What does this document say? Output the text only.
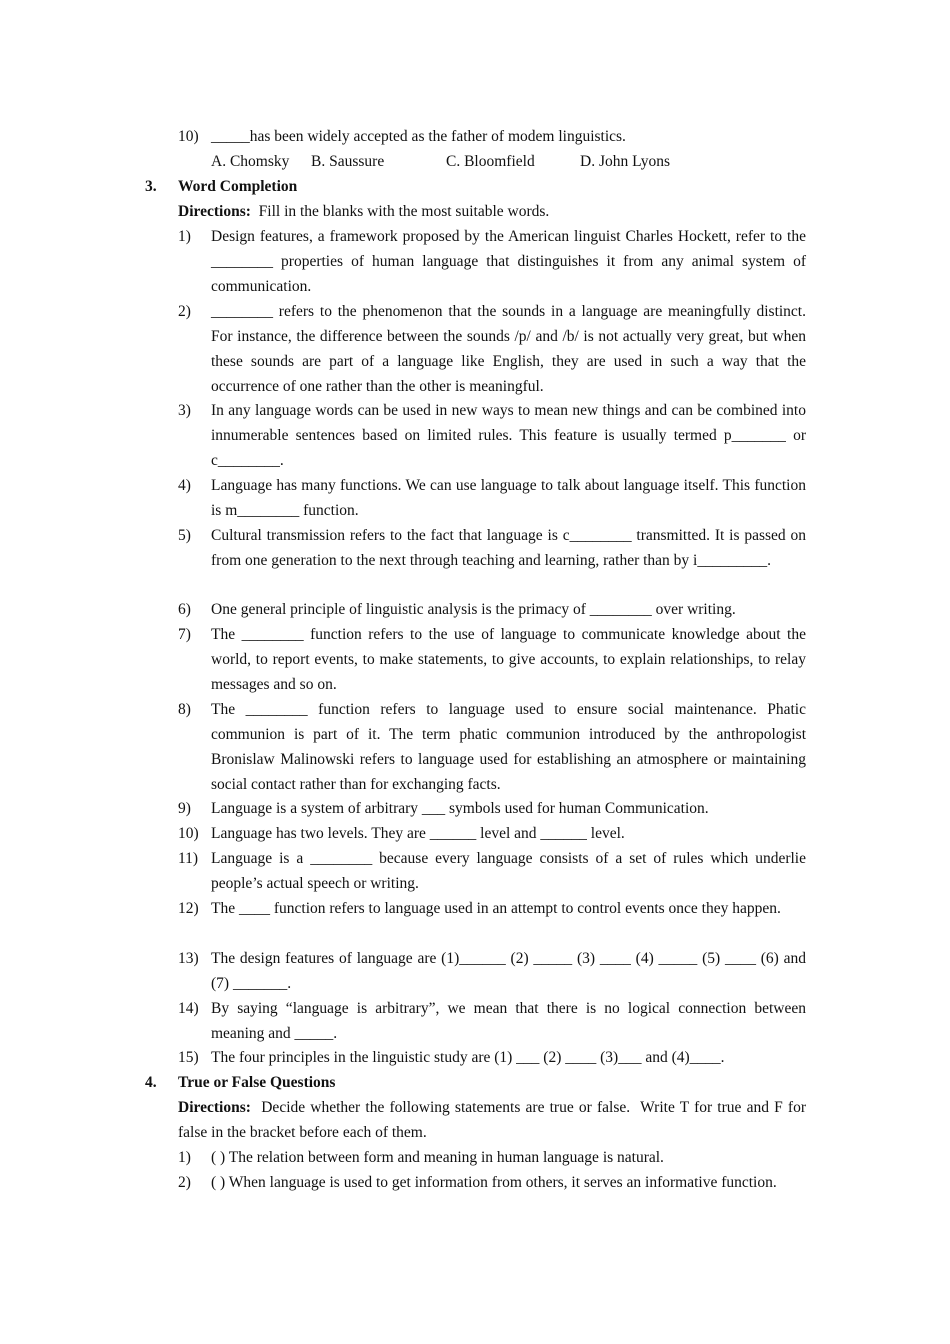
10) _____has been widely accepted as the father of modem linguistics.
A. Chomsky B. Saussure	C. Bloomfield	D. John Lyons
3. Word Completion
Directions:  Fill in the blanks with the most suitable words.
1) Design features, a framework proposed by the American linguist Charles Hockett, refer to the ________ properties of human language that distinguishes it from any animal system of communication.
2) ________ refers to the phenomenon that the sounds in a language are meaningfully distinct. For instance, the difference between the sounds /p/ and /b/ is not actually very great, but when these sounds are part of a language like English, they are used in such a way that the occurrence of one rather than the other is meaningful.
3) In any language words can be used in new ways to mean new things and can be combined into innumerable sentences based on limited rules. This feature is usually termed p_______ or c________.
4) Language has many functions. We can use language to talk about language itself. This function is m________ function.
5) Cultural transmission refers to the fact that language is c________ transmitted. It is passed on from one generation to the next through teaching and learning, rather than by i_________.
6) One general principle of linguistic analysis is the primacy of ________ over writing.
7) The ________ function refers to the use of language to communicate knowledge about the world, to report events, to make statements, to give accounts, to explain relationships, to relay messages and so on.
8) The ________ function refers to language used to ensure social maintenance. Phatic communion is part of it. The term phatic communion introduced by the anthropologist Bronislaw Malinowski refers to language used for establishing an atmosphere or maintaining social contact rather than for exchanging facts.
9) Language is a system of arbitrary ___ symbols used for human Communication.
10) Language has two levels. They are ______ level and ______ level.
11) Language is a ________ because every language consists of a set of rules which underlie people’s actual speech or writing.
12) The ____ function refers to language used in an attempt to control events once they happen.
13) The design features of language are (1)______ (2) _____ (3) ____ (4) _____ (5) ____ (6) and (7) _______.
14) By saying “language is arbitrary”, we mean that there is no logical connection between meaning and _____.
15) The four principles in the linguistic study are (1) ___ (2) ____ (3)___ and (4)____.
4. True or False Questions
Directions:  Decide whether the following statements are true or false.  Write T for true and F for false in the bracket before each of them.
1) ( ) The relation between form and meaning in human language is natural.
2) ( ) When language is used to get information from others, it serves an informative function.
